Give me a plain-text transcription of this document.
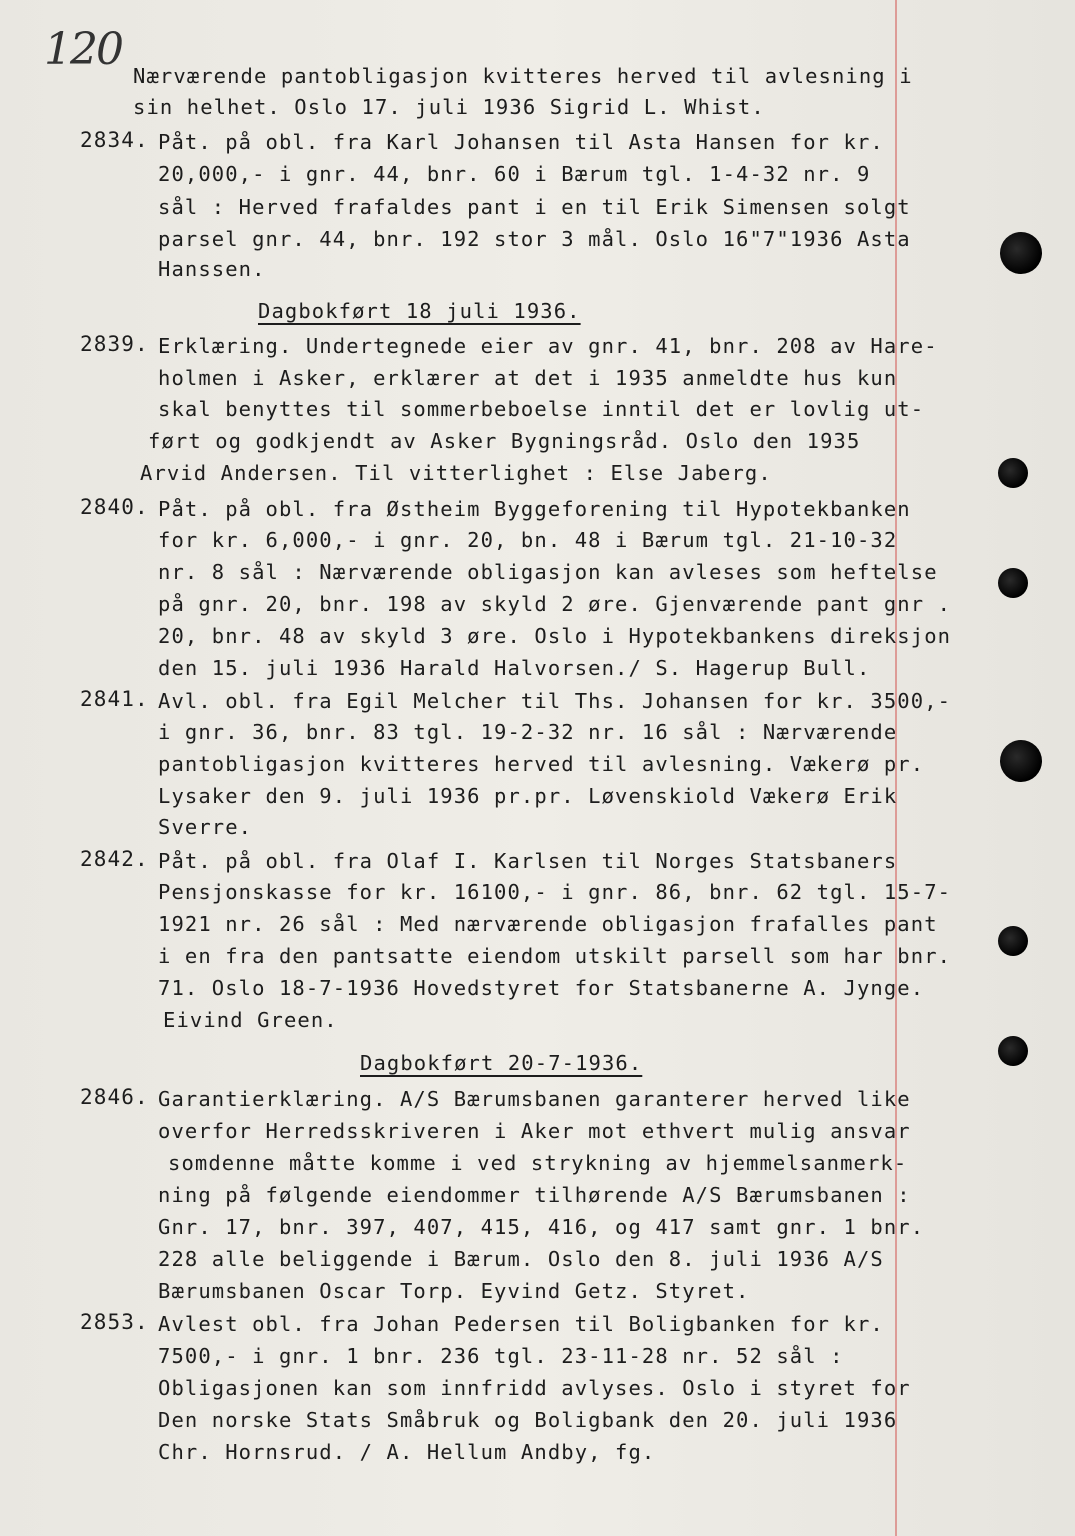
120
Nærværende pantobligasjon kvitteres herved til avlesning i
sin helhet. Oslo 17. juli 1936 Sigrid L. Whist.
2834. Påt. på obl. fra Karl Johansen til Asta Hansen for kr.
20,000,- i gnr. 44, bnr. 60 i Bærum tgl. 1-4-32 nr. 9
sål : Herved frafaldes pant i en til Erik Simensen solgt
parsel gnr. 44, bnr. 192 stor 3 mål. Oslo 16"7"1936 Asta
Hanssen.
Dagbokført 18 juli 1936.
2839. Erklæring. Undertegnede eier av gnr. 41, bnr. 208 av Hare-
holmen i Asker, erklærer at det i 1935 anmeldte hus kun
skal benyttes til sommerbeboelse inntil det er lovlig ut-
ført og godkjendt av Asker Bygningsråd. Oslo den 1935
Arvid Andersen. Til vitterlighet : Else Jaberg.
2840. Påt. på obl. fra Østheim Byggeforening til Hypotekbanken
for kr. 6,000,- i gnr. 20, bn. 48 i Bærum tgl. 21-10-32
nr. 8 sål : Nærværende obligasjon kan avleses som heftelse
på gnr. 20, bnr. 198 av skyld 2 øre. Gjenværende pant gnr .
20, bnr. 48 av skyld 3 øre. Oslo i Hypotekbankens direksjon
den 15. juli 1936 Harald Halvorsen./ S. Hagerup Bull.
2841. Avl. obl. fra Egil Melcher til Ths. Johansen for kr. 3500,-
i gnr. 36, bnr. 83 tgl. 19-2-32 nr. 16 sål : Nærværende
pantobligasjon kvitteres herved til avlesning. Vækerø pr.
Lysaker den 9. juli 1936 pr.pr. Løvenskiold Vækerø Erik
Sverre.
2842. Påt. på obl. fra Olaf I. Karlsen til Norges Statsbaners
Pensjonskasse for kr. 16100,- i gnr. 86, bnr. 62 tgl. 15-7-
1921 nr. 26 sål : Med nærværende obligasjon frafalles pant
i en fra den pantsatte eiendom utskilt parsell som har bnr.
71. Oslo 18-7-1936 Hovedstyret for Statsbanerne A. Jynge.
Eivind Green.
Dagbokført 20-7-1936.
2846. Garantierklæring. A/S Bærumsbanen garanterer herved like
overfor Herredsskriveren i Aker mot ethvert mulig ansvar
somdenne måtte komme i ved strykning av hjemmelsanmerk-
ning på følgende eiendommer tilhørende A/S Bærumsbanen :
Gnr. 17, bnr. 397, 407, 415, 416, og 417 samt gnr. 1 bnr.
228 alle beliggende i Bærum. Oslo den 8. juli 1936 A/S
Bærumsbanen Oscar Torp. Eyvind Getz. Styret.
2853. Avlest obl. fra Johan Pedersen til Boligbanken for kr.
7500,- i gnr. 1 bnr. 236 tgl. 23-11-28 nr. 52 sål :
Obligasjonen kan som innfridd avlyses. Oslo i styret for
Den norske Stats Småbruk og Boligbank den 20. juli 1936
Chr. Hornsrud. / A. Hellum Andby, fg.
